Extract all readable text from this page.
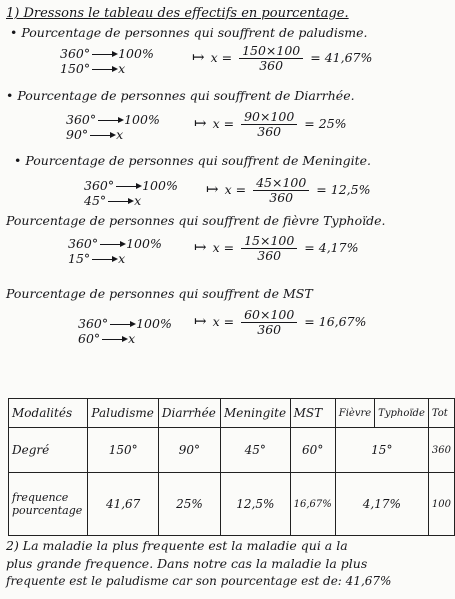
1) Dressons le tableau des effectifs en pourcentage.
• Pourcentage de personnes qui souffrent de paludisme.
360° 100%
150° x
↦ $x = \frac{150\times 100}{360} = 41,67\%$
• Pourcentage de personnes qui souffrent de Diarrhée.
360° 100%
90° x
↦ $x = \frac{90\times 100}{360} = 25\%$
• Pourcentage de personnes qui souffrent de Meningite.
360° 100%
45° x
↦ $x = \frac{45\times 100}{360} = 12,5\%$
Pourcentage de personnes qui souffrent de fièvre Typhoïde.
360° 100%
15° x
↦ $x = \frac{15\times 100}{360} = 4,17\%$
Pourcentage de personnes qui souffrent de MST
360° 100%
60° x
↦ $x = \frac{60\times 100}{360} = 16,67\%$
Modalités	Paludisme	Diarrhée	Meningite	MST	Fièvre	Typhoïde	Tot
Degré	150°	90°	45°	60°	15°		360
frequence pourcentage	41,67	25%	12,5%	16,67%	4,17%		100
2) La maladie la plus frequente est la maladie qui a la
plus grande frequence. Dans notre cas la maladie la plus
frequente est le paludisme car son pourcentage est de: 41,67%
